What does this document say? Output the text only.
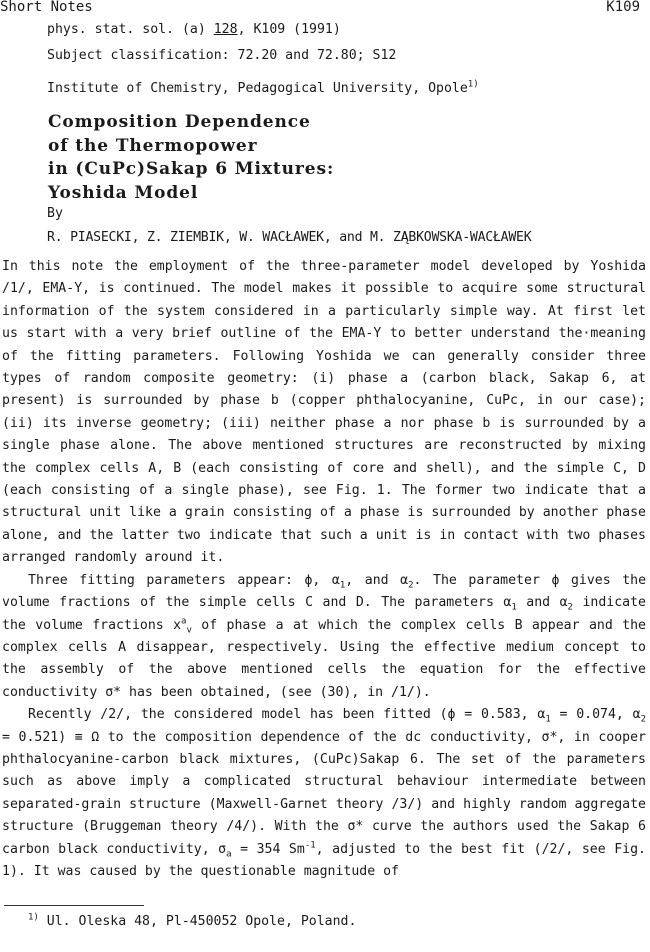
Short Notes	K109
phys. stat. sol. (a) 128, K109 (1991)
Subject classification: 72.20 and 72.80; S12
Institute of Chemistry, Pedagogical University, Opole$^{1)}$
Composition Dependence
of the Thermopower
in (CuPc)Sakap 6 Mixtures:
Yoshida Model
By
R. PIASECKI, Z. ZIEMBIK, W. WACŁAWEK, and M. ZĄBKOWSKA-WACŁAWEK

In this note the employment of the three-parameter model developed by Yoshida /1/, EMA-Y, is continued. The model makes it possible to acquire some structural information of the system considered in a particularly simple way. At first let us start with a very brief outline of the EMA-Y to better understand the·meaning of the fitting parameters. Following Yoshida we can generally consider three types of random composite geometry: (i) phase a (carbon black, Sakap 6, at present) is surrounded by phase b (copper phthalocyanine, CuPc, in our case); (ii) its inverse geometry; (iii) neither phase a nor phase b is surrounded by a single phase alone. The above mentioned structures are reconstructed by mixing the complex cells A, B (each consisting of core and shell), and the simple C, D (each consisting of a single phase), see Fig. 1. The former two indicate that a structural unit like a grain consisting of a phase is surrounded by another phase alone, and the latter two indicate that such a unit is in contact with two phases arranged randomly around it.

Three fitting parameters appear: ϕ, $\alpha_1$, and $\alpha_2$. The parameter ϕ gives the volume fractions of the simple cells C and D. The parameters $\alpha_1$ and $\alpha_2$ indicate the volume fractions $x^a_v$ of phase a at which the complex cells B appear and the complex cells A disappear, respectively. Using the effective medium concept to the assembly of the above mentioned cells the equation for the effective conductivity σ* has been obtained, (see (30), in /1/).

Recently /2/, the considered model has been fitted (ϕ = 0.583, $\alpha_1 = 0.074$, $\alpha_2 = 0.521) \equiv \Omega$ to the composition dependence of the dc conductivity, σ*, in cooper phthalocyanine-carbon black mixtures, (CuPc)Sakap 6. The set of the parameters such as above imply a complicated structural behaviour intermediate between separated-grain structure (Maxwell-Garnet theory /3/) and highly random aggregate structure (Bruggeman theory /4/). With the σ* curve the authors used the Sakap 6 carbon black conductivity, $\sigma_a = 354$ $Sm^{-1}$, adjusted to the best fit (/2/, see Fig. 1). It was caused by the questionable magnitude of

$^{1)}$ Ul. Oleska 48, Pl-450052 Opole, Poland.
